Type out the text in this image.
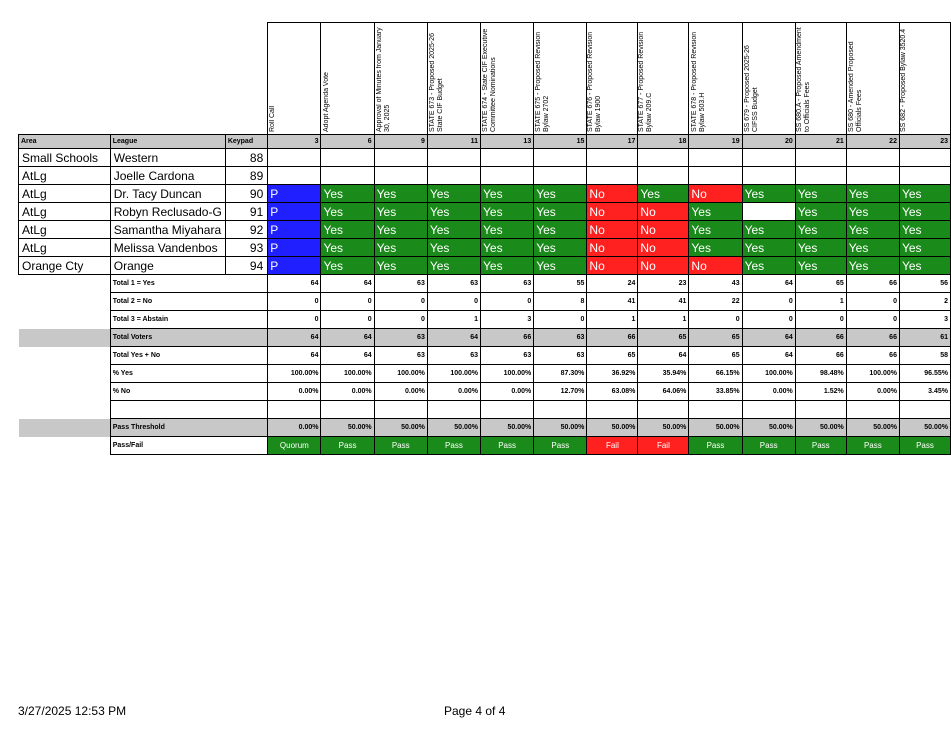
			Roll Call	Adopt Agenda Vote	Approval of Minutes from January 30, 2025	STATE 673 - Proposed 2025-26 State CIF Budget	STATE 674 - State CIF Executive Committee Nominations	STATE 675 - Proposed Revision Bylaw 2702	STATE 676 - Proposed Revision Bylaw 1900	STATE 677 - Proposed Revision Bylaw 209.C	STATE 678 - Proposed Revision Bylaw 503.H	SS 679 - Proposed 2025-26 CIFSS Budget	SS 680.A - Proposed Amendment to Officials Fees	SS 680 - Amended Proposed Officials Fees	SS 682 - Proposed Bylaw 3520.4

Area	League	Keypad	3	6	9	11	13	15	17	18	19	20	21	22	23
Small Schools	Western	88													
AtLg	Joelle Cardona	89													
AtLg	Dr. Tacy Duncan	90	P	Yes	Yes	Yes	Yes	Yes	No	Yes	No	Yes	Yes	Yes	Yes
AtLg	Robyn Reclusado-G	91	P	Yes	Yes	Yes	Yes	Yes	No	No	Yes		Yes	Yes	Yes
AtLg	Samantha Miyahara	92	P	Yes	Yes	Yes	Yes	Yes	No	No	Yes	Yes	Yes	Yes	Yes
AtLg	Melissa Vandenbos	93	P	Yes	Yes	Yes	Yes	Yes	No	No	Yes	Yes	Yes	Yes	Yes
Orange Cty	Orange	94	P	Yes	Yes	Yes	Yes	Yes	No	No	No	Yes	Yes	Yes	Yes
	Total 1 = Yes		64	64	63	63	63	55	24	23	43	64	65	66	56
	Total 2 = No		0	0	0	0	0	8	41	41	22	0	1	0	2
	Total 3 = Abstain		0	0	0	1	3	0	1	1	0	0	0	0	3
	Total Voters		64	64	63	64	66	63	66	65	65	64	66	66	61
	Total Yes + No		64	64	63	63	63	63	65	64	65	64	66	66	58
	% Yes		100.00%	100.00%	100.00%	100.00%	100.00%	87.30%	36.92%	35.94%	66.15%	100.00%	98.48%	100.00%	96.55%
	% No		0.00%	0.00%	0.00%	0.00%	0.00%	12.70%	63.08%	64.06%	33.85%	0.00%	1.52%	0.00%	3.45%

	Pass Threshold		0.00%	50.00%	50.00%	50.00%	50.00%	50.00%	50.00%	50.00%	50.00%	50.00%	50.00%	50.00%	50.00%
	Pass/Fail		Quorum	Pass	Pass	Pass	Pass	Pass	Fail	Fail	Pass	Pass	Pass	Pass	Pass
3/27/2025 12:53 PM	Page 4 of 4
